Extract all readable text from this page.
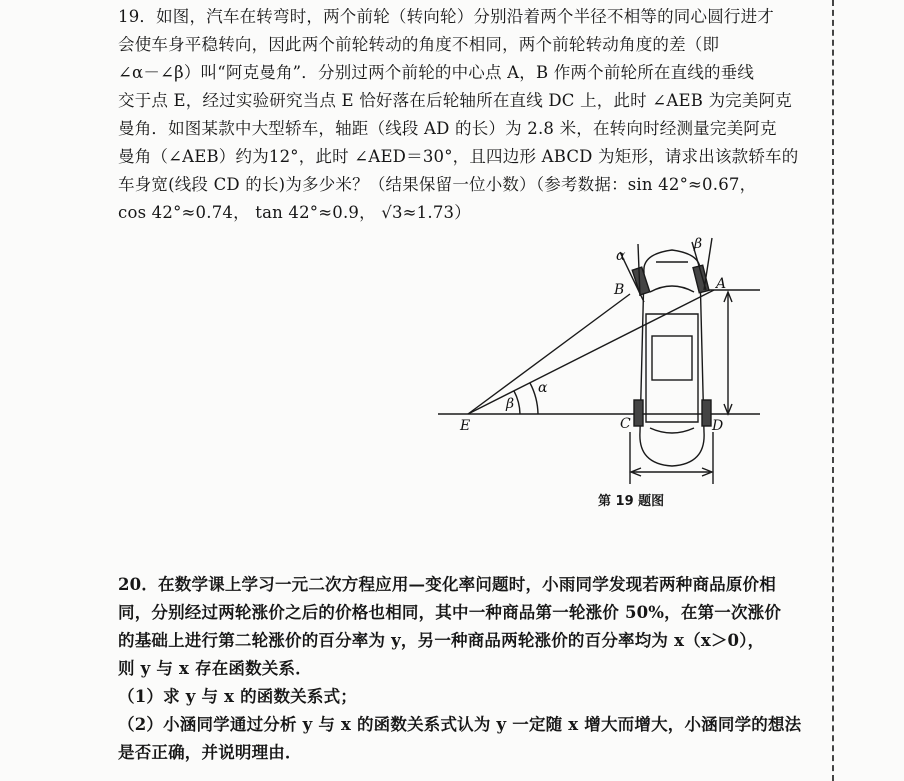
19．如图，汽车在转弯时，两个前轮（转向轮）分别沿着两个半径不相等的同心圆行进才

会使车身平稳转向，因此两个前轮转动的角度不相同，两个前轮转动角度的差（即

∠α－∠β）叫“阿克曼角”．分别过两个前轮的中心点 A，B 作两个前轮所在直线的垂线

交于点 E，经过实验研究当点 E 恰好落在后轮轴所在直线 DC 上，此时 ∠AEB 为完美阿克

曼角．如图某款中大型轿车，轴距（线段 AD 的长）为 2.8 米，在转向时经测量完美阿克

曼角（∠AEB）约为12°，此时 ∠AED＝30°，且四边形 ABCD 为矩形，请求出该款轿车的

车身宽(线段 CD 的长)为多少米？（结果保留一位小数）（参考数据：sin 42°≈0.67，

cos 42°≈0.74， tan 42°≈0.9， √3≈1.73）

E
A
B
C	D
α
β
α
β
第 19 题图

20．在数学课上学习一元二次方程应用—变化率问题时，小雨同学发现若两种商品原价相

同，分别经过两轮涨价之后的价格也相同，其中一种商品第一轮涨价 50%，在第一次涨价

的基础上进行第二轮涨价的百分率为 y，另一种商品两轮涨价的百分率均为 x（x＞0），

则 y 与 x 存在函数关系．

（1）求 y 与 x 的函数关系式；

（2）小涵同学通过分析 y 与 x 的函数关系式认为 y 一定随 x 增大而增大，小涵同学的想法

是否正确，并说明理由．
